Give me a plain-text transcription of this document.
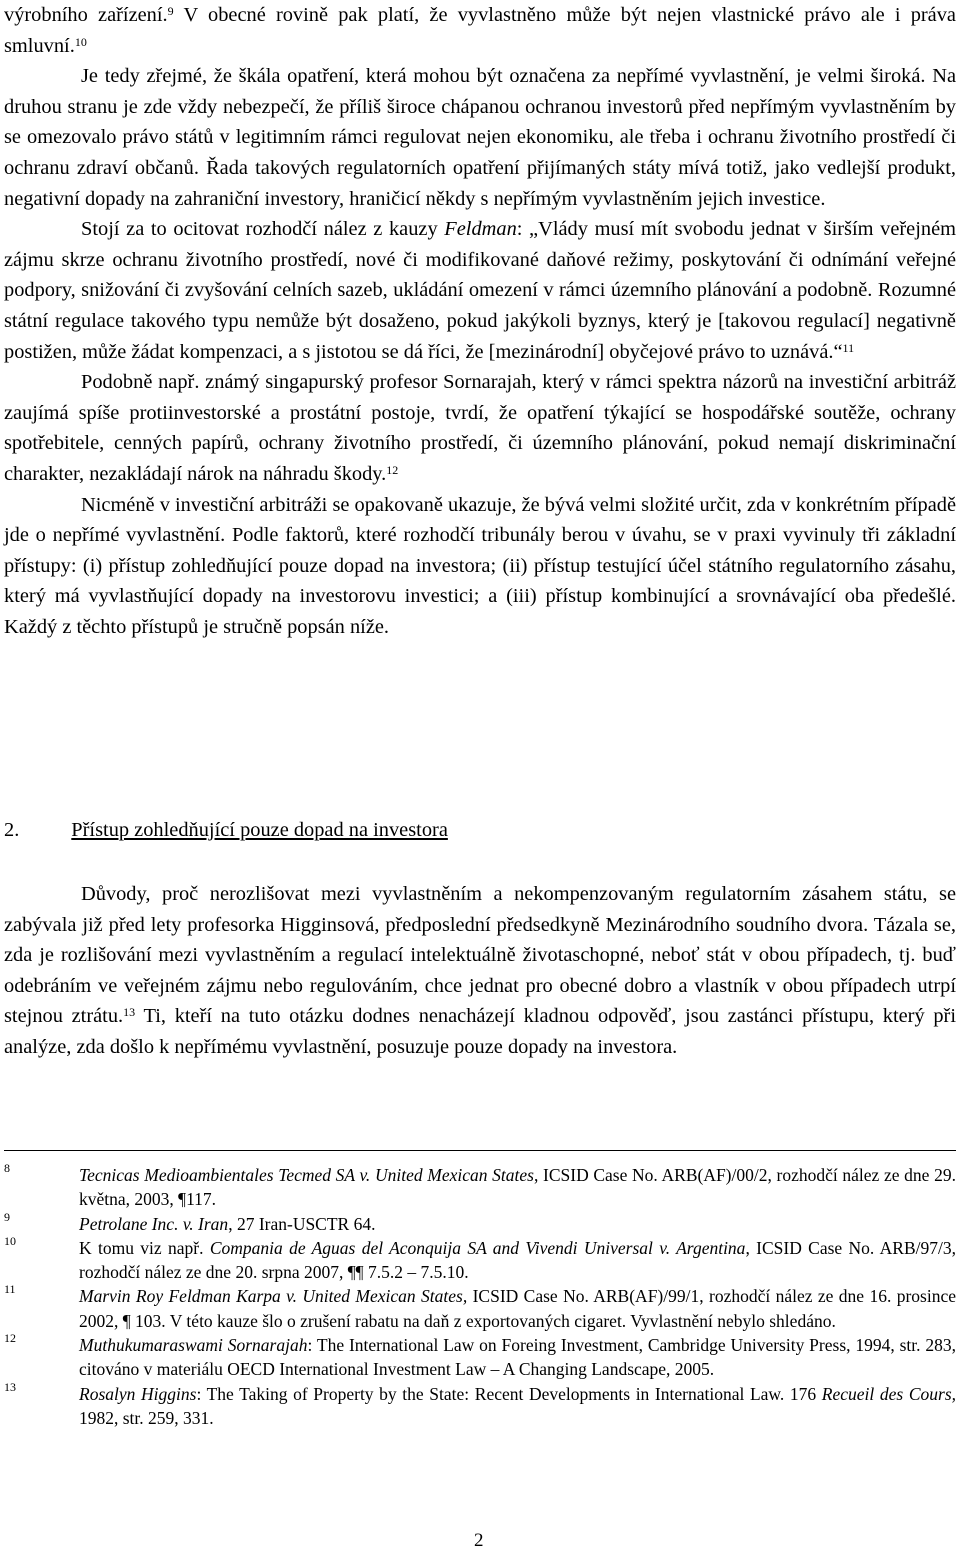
výrobního zařízení.$^9$ V obecné rovině pak platí, že vyvlastněno může být nejen vlastnické právo ale i práva smluvní.$^{10}$

Je tedy zřejmé, že škála opatření, která mohou být označena za nepřímé vyvlastnění, je velmi široká. Na druhou stranu je zde vždy nebezpečí, že příliš široce chápanou ochranou investorů před nepřímým vyvlastněním by se omezovalo právo států v legitimním rámci regulovat nejen ekonomiku, ale třeba i ochranu životního prostředí či ochranu zdraví občanů. Řada takových regulatorních opatření přijímaných státy mívá totiž, jako vedlejší produkt, negativní dopady na zahraniční investory, hraničicí někdy s nepřímým vyvlastněním jejich investice.

Stojí za to ocitovat rozhodčí nález z kauzy Feldman: „Vlády musí mít svobodu jednat v širším veřejném zájmu skrze ochranu životního prostředí, nové či modifikované daňové režimy, poskytování či odnímání veřejné podpory, snižování či zvyšování celních sazeb, ukládání omezení v rámci územního plánování a podobně. Rozumné státní regulace takového typu nemůže být dosaženo, pokud jakýkoli byznys, který je [takovou regulací] negativně postižen, může žádat kompenzaci, a s jistotou se dá říci, že [mezinárodní] obyčejové právo to uznává.“$^{11}$

Podobně např. známý singapurský profesor Sornarajah, který v rámci spektra názorů na investiční arbitráž zaujímá spíše protiinvestorské a prostátní postoje, tvrdí, že opatření týkající se hospodářské soutěže, ochrany spotřebitele, cenných papírů, ochrany životního prostředí, či územního plánování, pokud nemají diskriminační charakter, nezakládají nárok na náhradu škody.$^{12}$

Nicméně v investiční arbitráži se opakovaně ukazuje, že bývá velmi složité určit, zda v konkrétním případě jde o nepřímé vyvlastnění. Podle faktorů, které rozhodčí tribunály berou v úvahu, se v praxi vyvinuly tři základní přístupy: (i) přístup zohledňující pouze dopad na investora; (ii) přístup testující účel státního regulatorního zásahu, který má vyvlastňující dopady na investorovu investici; a (iii) přístup kombinující a srovnávající oba předešlé. Každý z těchto přístupů je stručně popsán níže.

2.	Přístup zohledňující pouze dopad na investora

Důvody, proč nerozlišovat mezi vyvlastněním a nekompenzovaným regulatorním zásahem státu, se zabývala již před lety profesorka Higginsová, předposlední předsedkyně Mezinárodního soudního dvora. Tázala se, zda je rozlišování mezi vyvlastněním a regulací intelektuálně životaschopné, neboť stát v obou případech, tj. buď odebráním ve veřejném zájmu nebo regulováním, chce jednat pro obecné dobro a vlastník v obou případech utrpí stejnou ztrátu.$^{13}$ Ti, kteří na tuto otázku dodnes nenacházejí kladnou odpověď, jsou zastánci přístupu, který při analýze, zda došlo k nepřímému vyvlastnění, posuzuje pouze dopady na investora.

8	Tecnicas Medioambientales Tecmed SA v. United Mexican States, ICSID Case No. ARB(AF)/00/2, rozhodčí nález ze dne 29. května, 2003, ¶117.
9	Petrolane Inc. v. Iran, 27 Iran-USCTR 64.
10	K tomu viz např. Compania de Aguas del Aconquija SA and Vivendi Universal v. Argentina, ICSID Case No. ARB/97/3, rozhodčí nález ze dne 20. srpna 2007, ¶¶ 7.5.2 – 7.5.10.
11	Marvin Roy Feldman Karpa v. United Mexican States, ICSID Case No. ARB(AF)/99/1, rozhodčí nález ze dne 16. prosince 2002, ¶ 103. V této kauze šlo o zrušení rabatu na daň z exportovaných cigaret. Vyvlastnění nebylo shledáno.
12	Muthukumaraswami Sornarajah: The International Law on Foreing Investment, Cambridge University Press, 1994, str. 283, citováno v materiálu OECD International Investment Law – A Changing Landscape, 2005.
13	Rosalyn Higgins: The Taking of Property by the State: Recent Developments in International Law. 176 Recueil des Cours, 1982, str. 259, 331.
2
